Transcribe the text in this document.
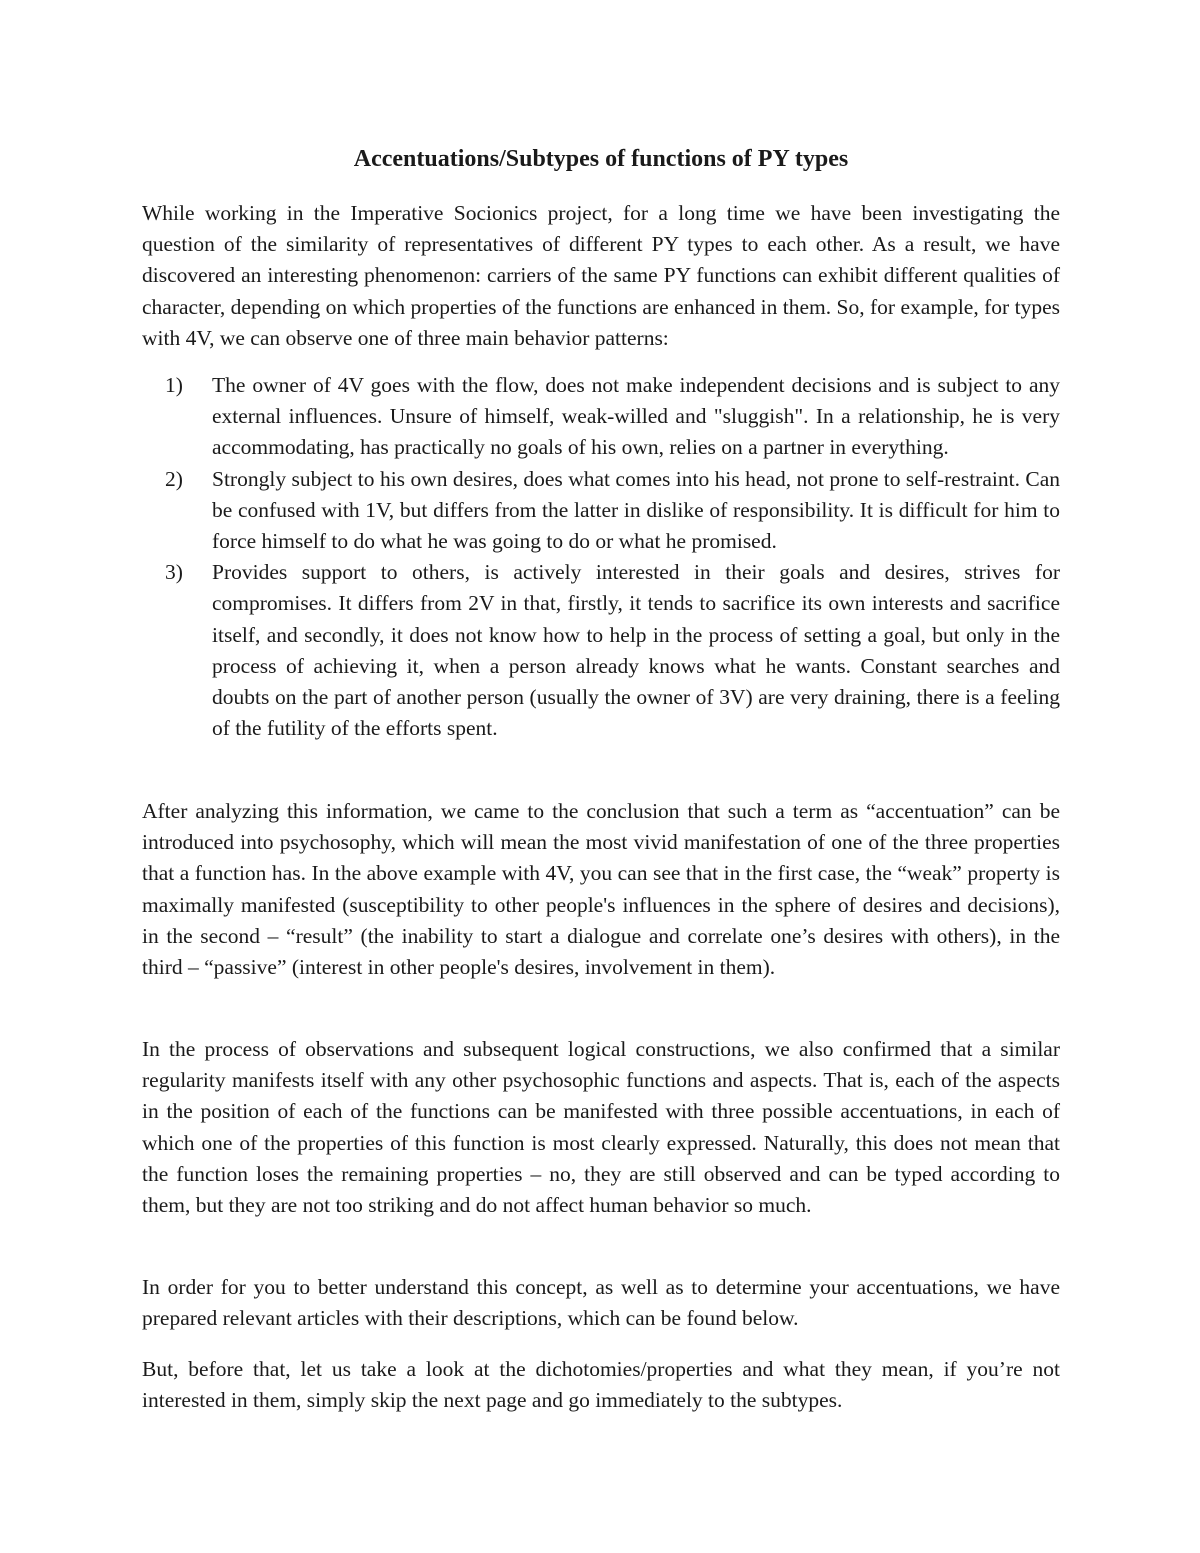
Accentuations/Subtypes of functions of PY types

While working in the Imperative Socionics project, for a long time we have been investigating the question of the similarity of representatives of different PY types to each other. As a result, we have discovered an interesting phenomenon: carriers of the same PY functions can exhibit different qualities of character, depending on which properties of the functions are enhanced in them. So, for example, for types with 4V, we can observe one of three main behavior patterns:

1) The owner of 4V goes with the flow, does not make independent decisions and is subject to any external influences. Unsure of himself, weak-willed and "sluggish". In a relationship, he is very accommodating, has practically no goals of his own, relies on a partner in everything.
2) Strongly subject to his own desires, does what comes into his head, not prone to self-restraint. Can be confused with 1V, but differs from the latter in dislike of responsibility. It is difficult for him to force himself to do what he was going to do or what he promised.
3) Provides support to others, is actively interested in their goals and desires, strives for compromises. It differs from 2V in that, firstly, it tends to sacrifice its own interests and sacrifice itself, and secondly, it does not know how to help in the process of setting a goal, but only in the process of achieving it, when a person already knows what he wants. Constant searches and doubts on the part of another person (usually the owner of 3V) are very draining, there is a feeling of the futility of the efforts spent.

After analyzing this information, we came to the conclusion that such a term as “accentuation” can be introduced into psychosophy, which will mean the most vivid manifestation of one of the three properties that a function has. In the above example with 4V, you can see that in the first case, the “weak” property is maximally manifested (susceptibility to other people's influences in the sphere of desires and decisions), in the second – “result” (the inability to start a dialogue and correlate one’s desires with others), in the third – “passive” (interest in other people's desires, involvement in them).

In the process of observations and subsequent logical constructions, we also confirmed that a similar regularity manifests itself with any other psychosophic functions and aspects. That is, each of the aspects in the position of each of the functions can be manifested with three possible accentuations, in each of which one of the properties of this function is most clearly expressed. Naturally, this does not mean that the function loses the remaining properties – no, they are still observed and can be typed according to them, but they are not too striking and do not affect human behavior so much.

In order for you to better understand this concept, as well as to determine your accentuations, we have prepared relevant articles with their descriptions, which can be found below.

But, before that, let us take a look at the dichotomies/properties and what they mean, if you’re not interested in them, simply skip the next page and go immediately to the subtypes.
